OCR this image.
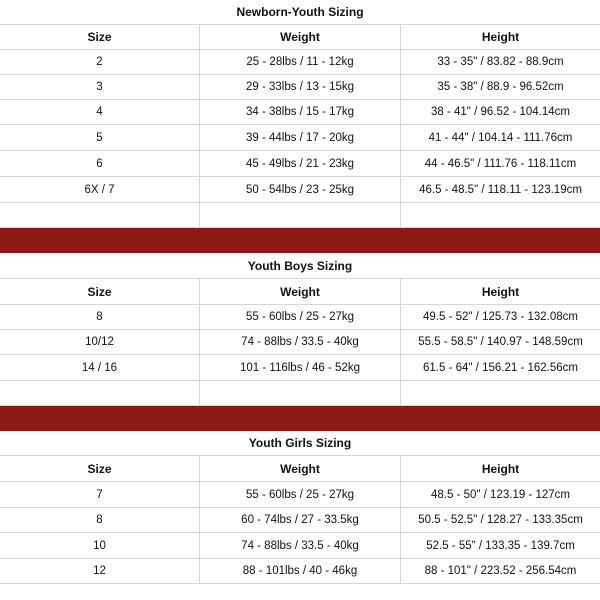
Newborn-Youth Sizing
Size	Weight	Height
2	25 - 28lbs / 11 - 12kg	33 - 35" / 83.82 - 88.9cm
3	29 - 33lbs / 13 - 15kg	35 - 38" / 88.9 - 96.52cm
4	34 - 38lbs / 15 - 17kg	38 - 41" / 96.52 - 104.14cm
5	39 - 44lbs / 17 - 20kg	41 - 44" / 104.14 - 111.76cm
6	45 - 49lbs / 21 - 23kg	44 - 46.5" / 111.76 - 118.11cm
6X / 7	50 - 54lbs / 23 - 25kg	46.5 - 48.5" / 118.11 - 123.19cm
Youth Boys Sizing
Size	Weight	Height
8	55 - 60lbs / 25 - 27kg	49.5 - 52" / 125.73 - 132.08cm
10/12	74 - 88lbs / 33.5 - 40kg	55.5 - 58.5" / 140.97 - 148.59cm
14 / 16	101 - 116lbs / 46 - 52kg	61.5 - 64" / 156.21 - 162.56cm
Youth Girls Sizing
Size	Weight	Height
7	55 - 60lbs / 25 - 27kg	48.5 - 50" / 123.19 - 127cm
8	60 - 74lbs / 27 - 33.5kg	50.5 - 52.5" / 128.27 - 133.35cm
10	74 - 88lbs / 33.5 - 40kg	52.5 - 55" / 133.35 - 139.7cm
12	88 - 101lbs / 40 - 46kg	88 - 101" / 223.52 - 256.54cm
